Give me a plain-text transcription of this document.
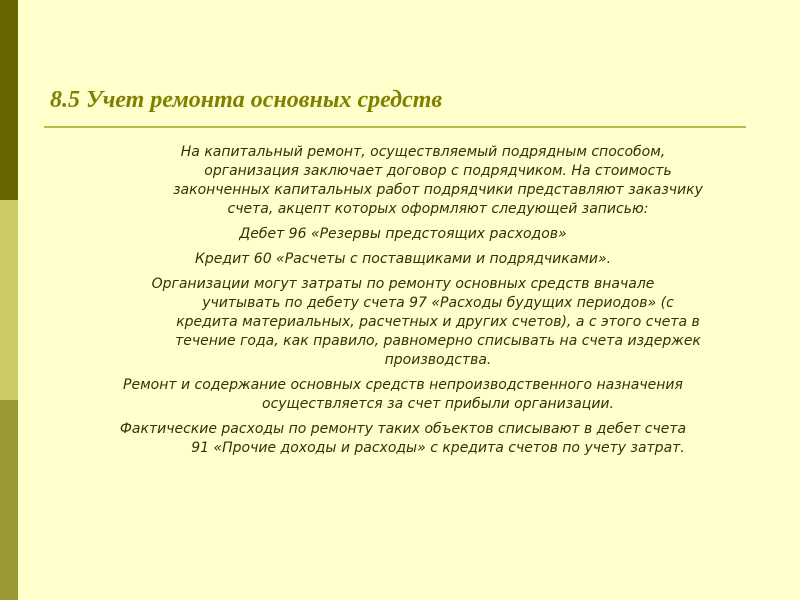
8.5 Учет ремонта основных средств
На капитальный ремонт, осуществляемый подрядным способом,
организация заключает договор с подрядчиком. На стоимость
законченных капитальных работ подрядчики представляют заказчику
счета, акцепт которых оформляют следующей записью:
Дебет 96 «Резервы предстоящих расходов»
Кредит 60 «Расчеты с поставщиками и подрядчиками».
Организации могут затраты по ремонту основных средств вначале
учитывать по дебету счета 97 «Расходы будущих периодов» (с
кредита материальных, расчетных и других счетов), а с этого счета в
течение года, как правило, равномерно списывать на счета издержек
производства.
Ремонт и содержание основных средств непроизводственного назначения
осуществляется за счет прибыли организации.
Фактические расходы по ремонту таких объектов списывают в дебет счета
91 «Прочие доходы и расходы» с кредита счетов по учету затрат.
